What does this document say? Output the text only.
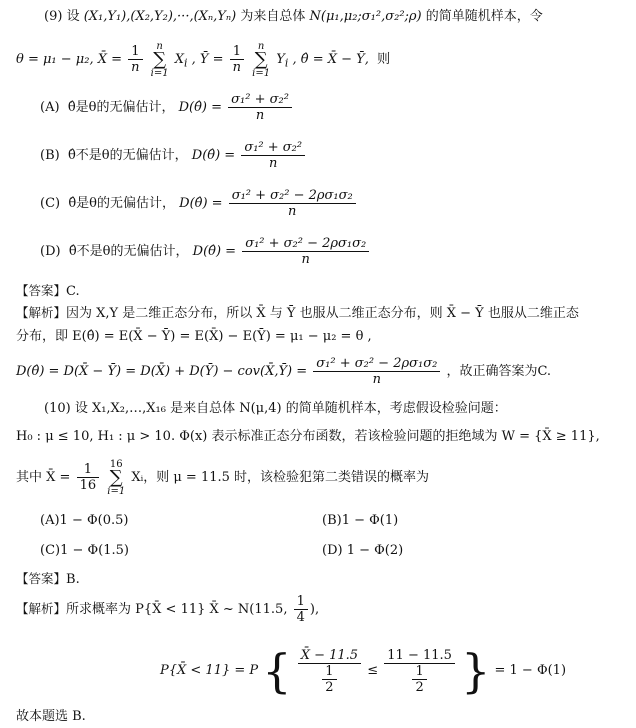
(9) 设 (X₁,Y₁),(X₂,Y₂),···,(Xₙ,Yₙ) 为来自总体 N(μ₁,μ₂;σ₁²,σ₂²;ρ) 的简单随机样本，令
θ = μ₁ − μ₂, X̄ = $\frac{1}{n}$ n
∑
i=1 $X_i$ , Ȳ = $\frac{1}{n}$ n
∑
i=1 $Y_i$ , θ̂ = X̄ − Ȳ, 则
(A) θ̂是θ的无偏估计， D(θ̂) = $\frac{\text{σ₁² + σ₂²}}{n}$
(B) θ̂不是θ的无偏估计， D(θ̂) = $\frac{\text{σ₁² + σ₂²}}{n}$
(C) θ̂是θ的无偏估计， D(θ̂) = $\frac{\text{σ₁² + σ₂² − 2ρσ₁σ₂}}{n}$
(D) θ̂不是θ的无偏估计， D(θ̂) = $\frac{\text{σ₁² + σ₂² − 2ρσ₁σ₂}}{n}$
【答案】C.
【解析】因为 X,Y 是二维正态分布，所以 X̄ 与 Ȳ 也服从二维正态分布，则 X̄ − Ȳ 也服从二维正态
分布，即 E(θ̂) = E(X̄ − Ȳ) = E(X̄) − E(Ȳ) = μ₁ − μ₂ = θ ,
D(θ̂) = D(X̄ − Ȳ) = D(X̄) + D(Ȳ) − cov(X̄,Ȳ) = $\frac{\text{σ₁² + σ₂² − 2ρσ₁σ₂}}{n}$ ，故正确答案为C.
(10) 设 X₁,X₂,…,X₁₆ 是来自总体 N(μ,4) 的简单随机样本，考虑假设检验问题：
H₀ : μ ≤ 10, H₁ : μ > 10. Φ(x) 表示标准正态分布函数，若该检验问题的拒绝域为 W = {X̄ ≥ 11},
其中 X̄ = $\frac{1}{16} 16$
∑
i=1 Xᵢ，则 μ = 11.5 时，该检验犯第二类错误的概率为
(A)1 − Φ(0.5)	(B)1 − Φ(1)
(C)1 − Φ(1.5)	(D) 1 − Φ(2)
【答案】B.
【解析】所求概率为 P{X̄ < 11} X̄ ~ N(11.5, $\frac{1}{4}$ ),
P{X̄ < 11} = P { $\frac{X̄ - 11.5}{\frac{1}{2}} \le \frac{11 - 11.5}{\frac{1}{2}}$ } = 1 − Φ(1)
故本题选 B.
